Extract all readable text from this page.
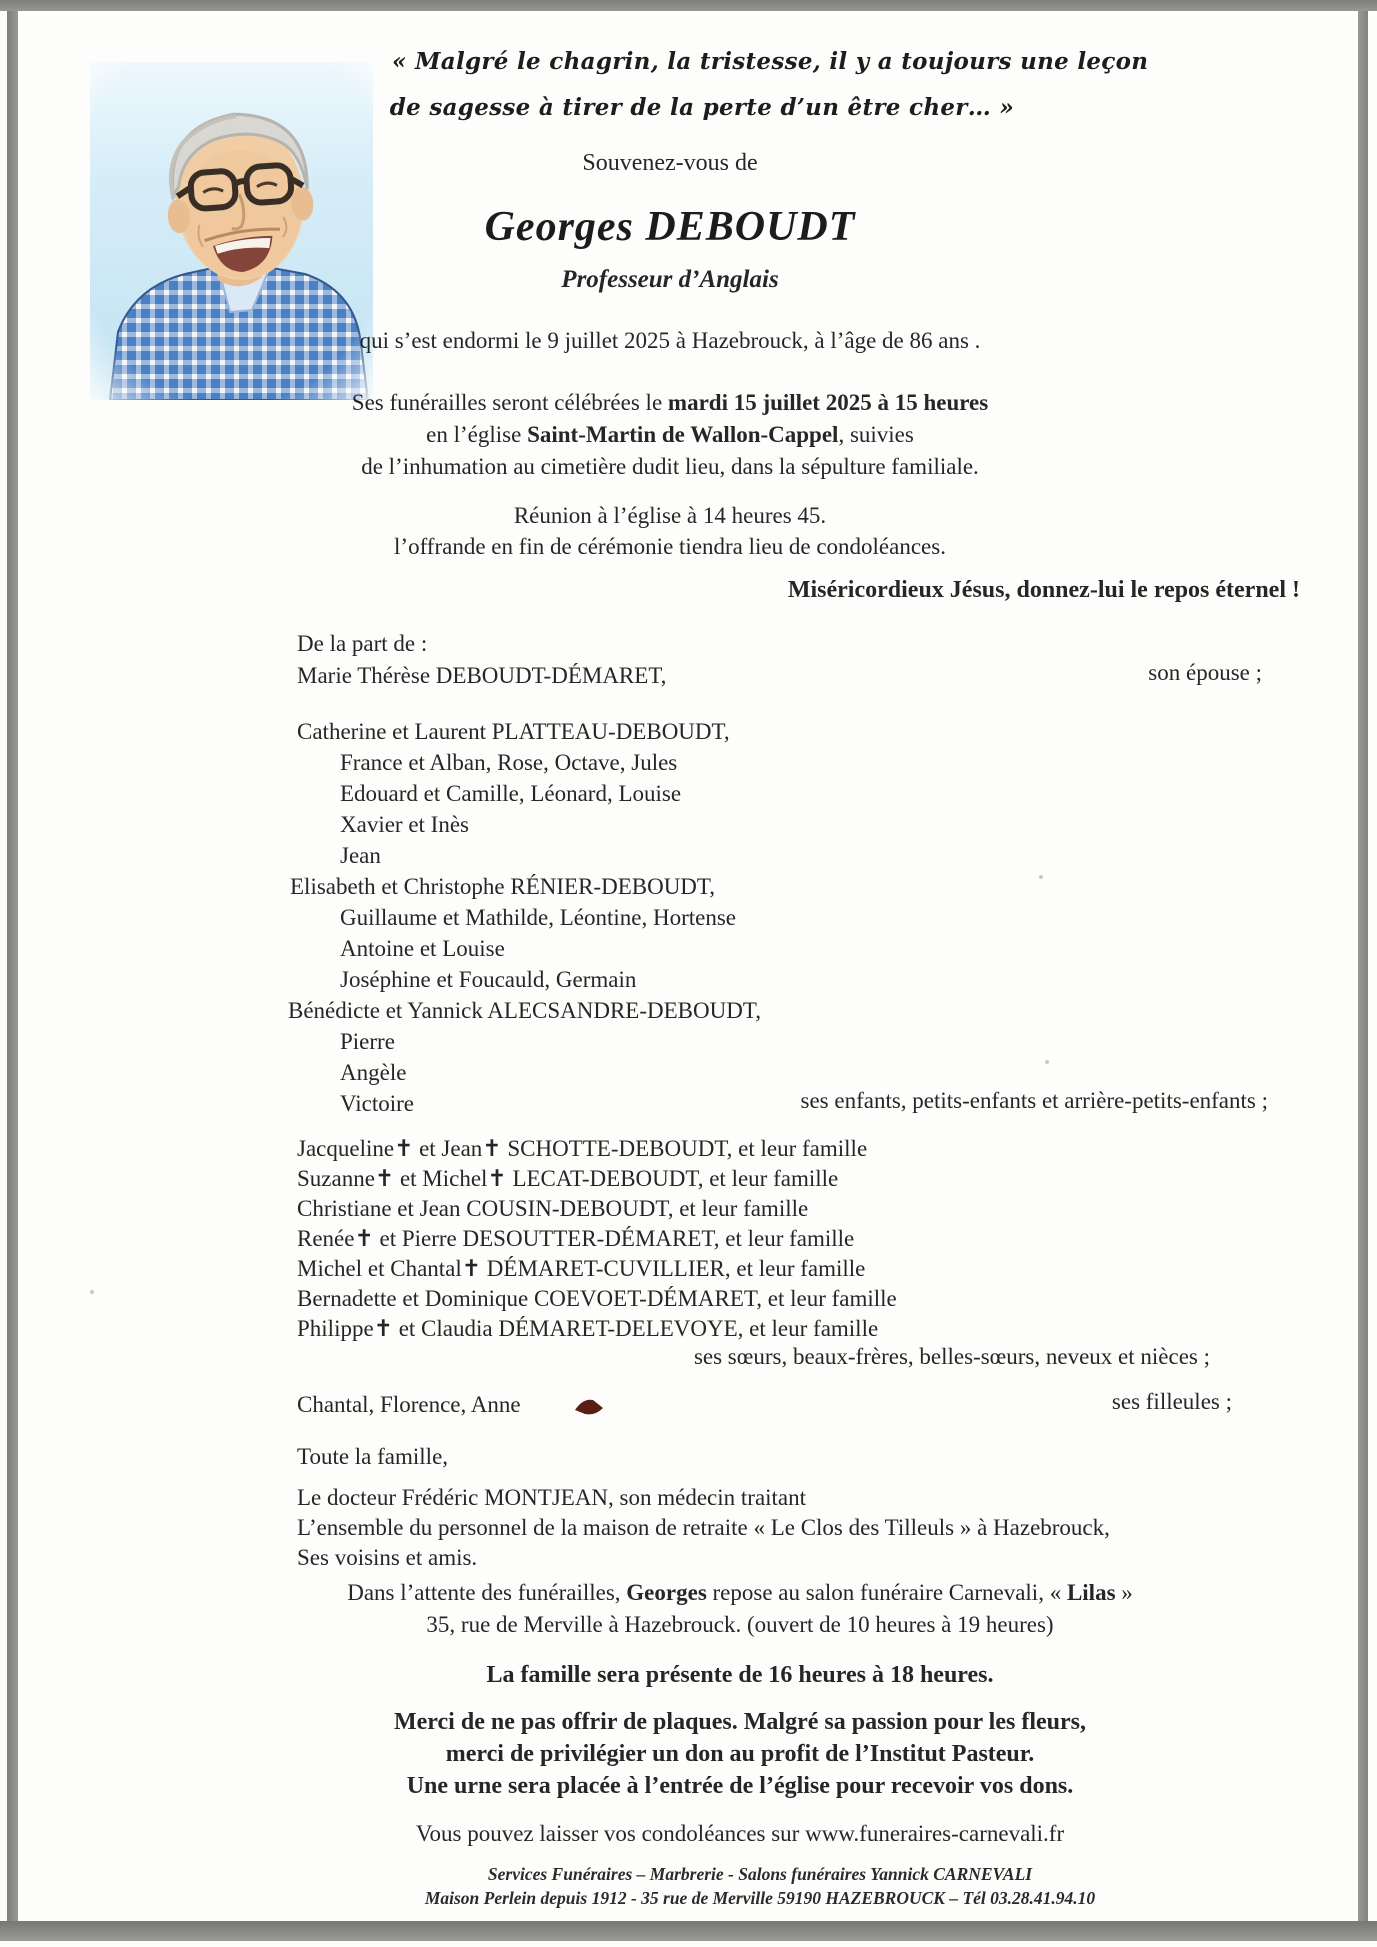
« Malgré le chagrin, la tristesse, il y a toujours une leçon
de sagesse à tirer de la perte d’un être cher… »
Souvenez-vous de
Georges DEBOUDT
Professeur d’Anglais
qui s’est endormi le 9 juillet 2025 à Hazebrouck, à l’âge de 86 ans .
Ses funérailles seront célébrées le mardi 15 juillet 2025 à 15 heures
en l’église Saint-Martin de Wallon-Cappel, suivies
de l’inhumation au cimetière dudit lieu, dans la sépulture familiale.
Réunion à l’église à 14 heures 45.
l’offrande en fin de cérémonie tiendra lieu de condoléances.
Miséricordieux Jésus, donnez-lui le repos éternel !
De la part de :
Marie Thérèse DEBOUDT-DÉMARET,	son épouse ;
Catherine et Laurent PLATTEAU-DEBOUDT,
France et Alban, Rose, Octave, Jules
Edouard et Camille, Léonard, Louise
Xavier et Inès
Jean
Elisabeth et Christophe RÉNIER-DEBOUDT,
Guillaume et Mathilde, Léontine, Hortense
Antoine et Louise
Joséphine et Foucauld, Germain
Bénédicte et Yannick ALECSANDRE-DEBOUDT,
Pierre
Angèle
Victoire	ses enfants, petits-enfants et arrière-petits-enfants ;
Jacqueline✝ et Jean✝ SCHOTTE-DEBOUDT, et leur famille
Suzanne✝ et Michel✝ LECAT-DEBOUDT, et leur famille
Christiane et Jean COUSIN-DEBOUDT, et leur famille
Renée✝ et Pierre DESOUTTER-DÉMARET, et leur famille
Michel et Chantal✝ DÉMARET-CUVILLIER, et leur famille
Bernadette et Dominique COEVOET-DÉMARET, et leur famille
Philippe✝ et Claudia DÉMARET-DELEVOYE, et leur famille
ses sœurs, beaux-frères, belles-sœurs, neveux et nièces ;
Chantal, Florence, Anne	ses filleules ;
Toute la famille,
Le docteur Frédéric MONTJEAN, son médecin traitant
L’ensemble du personnel de la maison de retraite « Le Clos des Tilleuls » à Hazebrouck,
Ses voisins et amis.
Dans l’attente des funérailles, Georges repose au salon funéraire Carnevali, « Lilas »
35, rue de Merville à Hazebrouck. (ouvert de 10 heures à 19 heures)
La famille sera présente de 16 heures à 18 heures.
Merci de ne pas offrir de plaques. Malgré sa passion pour les fleurs,
merci de privilégier un don au profit de l’Institut Pasteur.
Une urne sera placée à l’entrée de l’église pour recevoir vos dons.
Vous pouvez laisser vos condoléances sur www.funeraires-carnevali.fr
Services Funéraires – Marbrerie - Salons funéraires Yannick CARNEVALI
Maison Perlein depuis 1912 - 35 rue de Merville 59190 HAZEBROUCK – Tél 03.28.41.94.10
